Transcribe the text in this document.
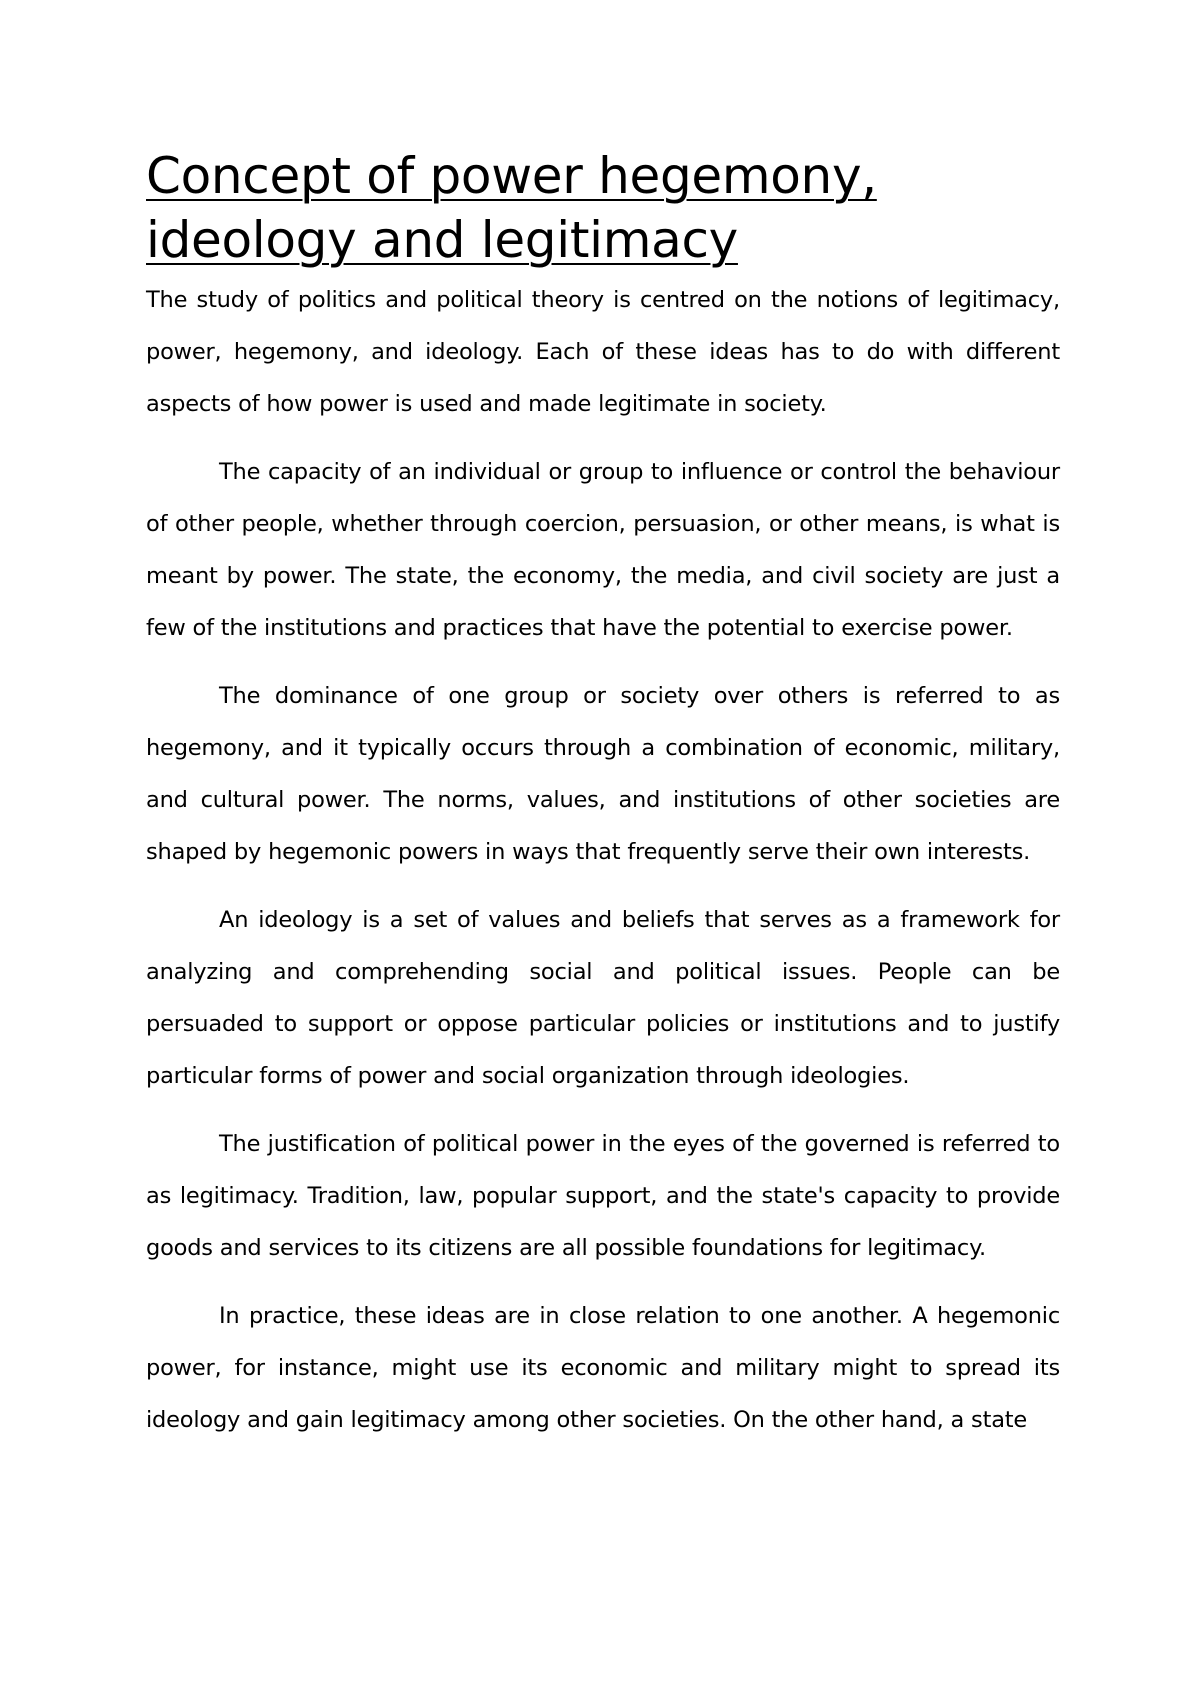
Concept of power hegemony, ideology and legitimacy

The study of politics and political theory is centred on the notions of legitimacy, power, hegemony, and ideology. Each of these ideas has to do with different aspects of how power is used and made legitimate in society.

The capacity of an individual or group to influence or control the behaviour of other people, whether through coercion, persuasion, or other means, is what is meant by power. The state, the economy, the media, and civil society are just a few of the institutions and practices that have the potential to exercise power.

The dominance of one group or society over others is referred to as hegemony, and it typically occurs through a combination of economic, military, and cultural power. The norms, values, and institutions of other societies are shaped by hegemonic powers in ways that frequently serve their own interests.

An ideology is a set of values and beliefs that serves as a framework for analyzing and comprehending social and political issues. People can be persuaded to support or oppose particular policies or institutions and to justify particular forms of power and social organization through ideologies.

The justification of political power in the eyes of the governed is referred to as legitimacy. Tradition, law, popular support, and the state's capacity to provide goods and services to its citizens are all possible foundations for legitimacy.

In practice, these ideas are in close relation to one another. A hegemonic power, for instance, might use its economic and military might to spread its ideology and gain legitimacy among other societies. On the other hand, a state
